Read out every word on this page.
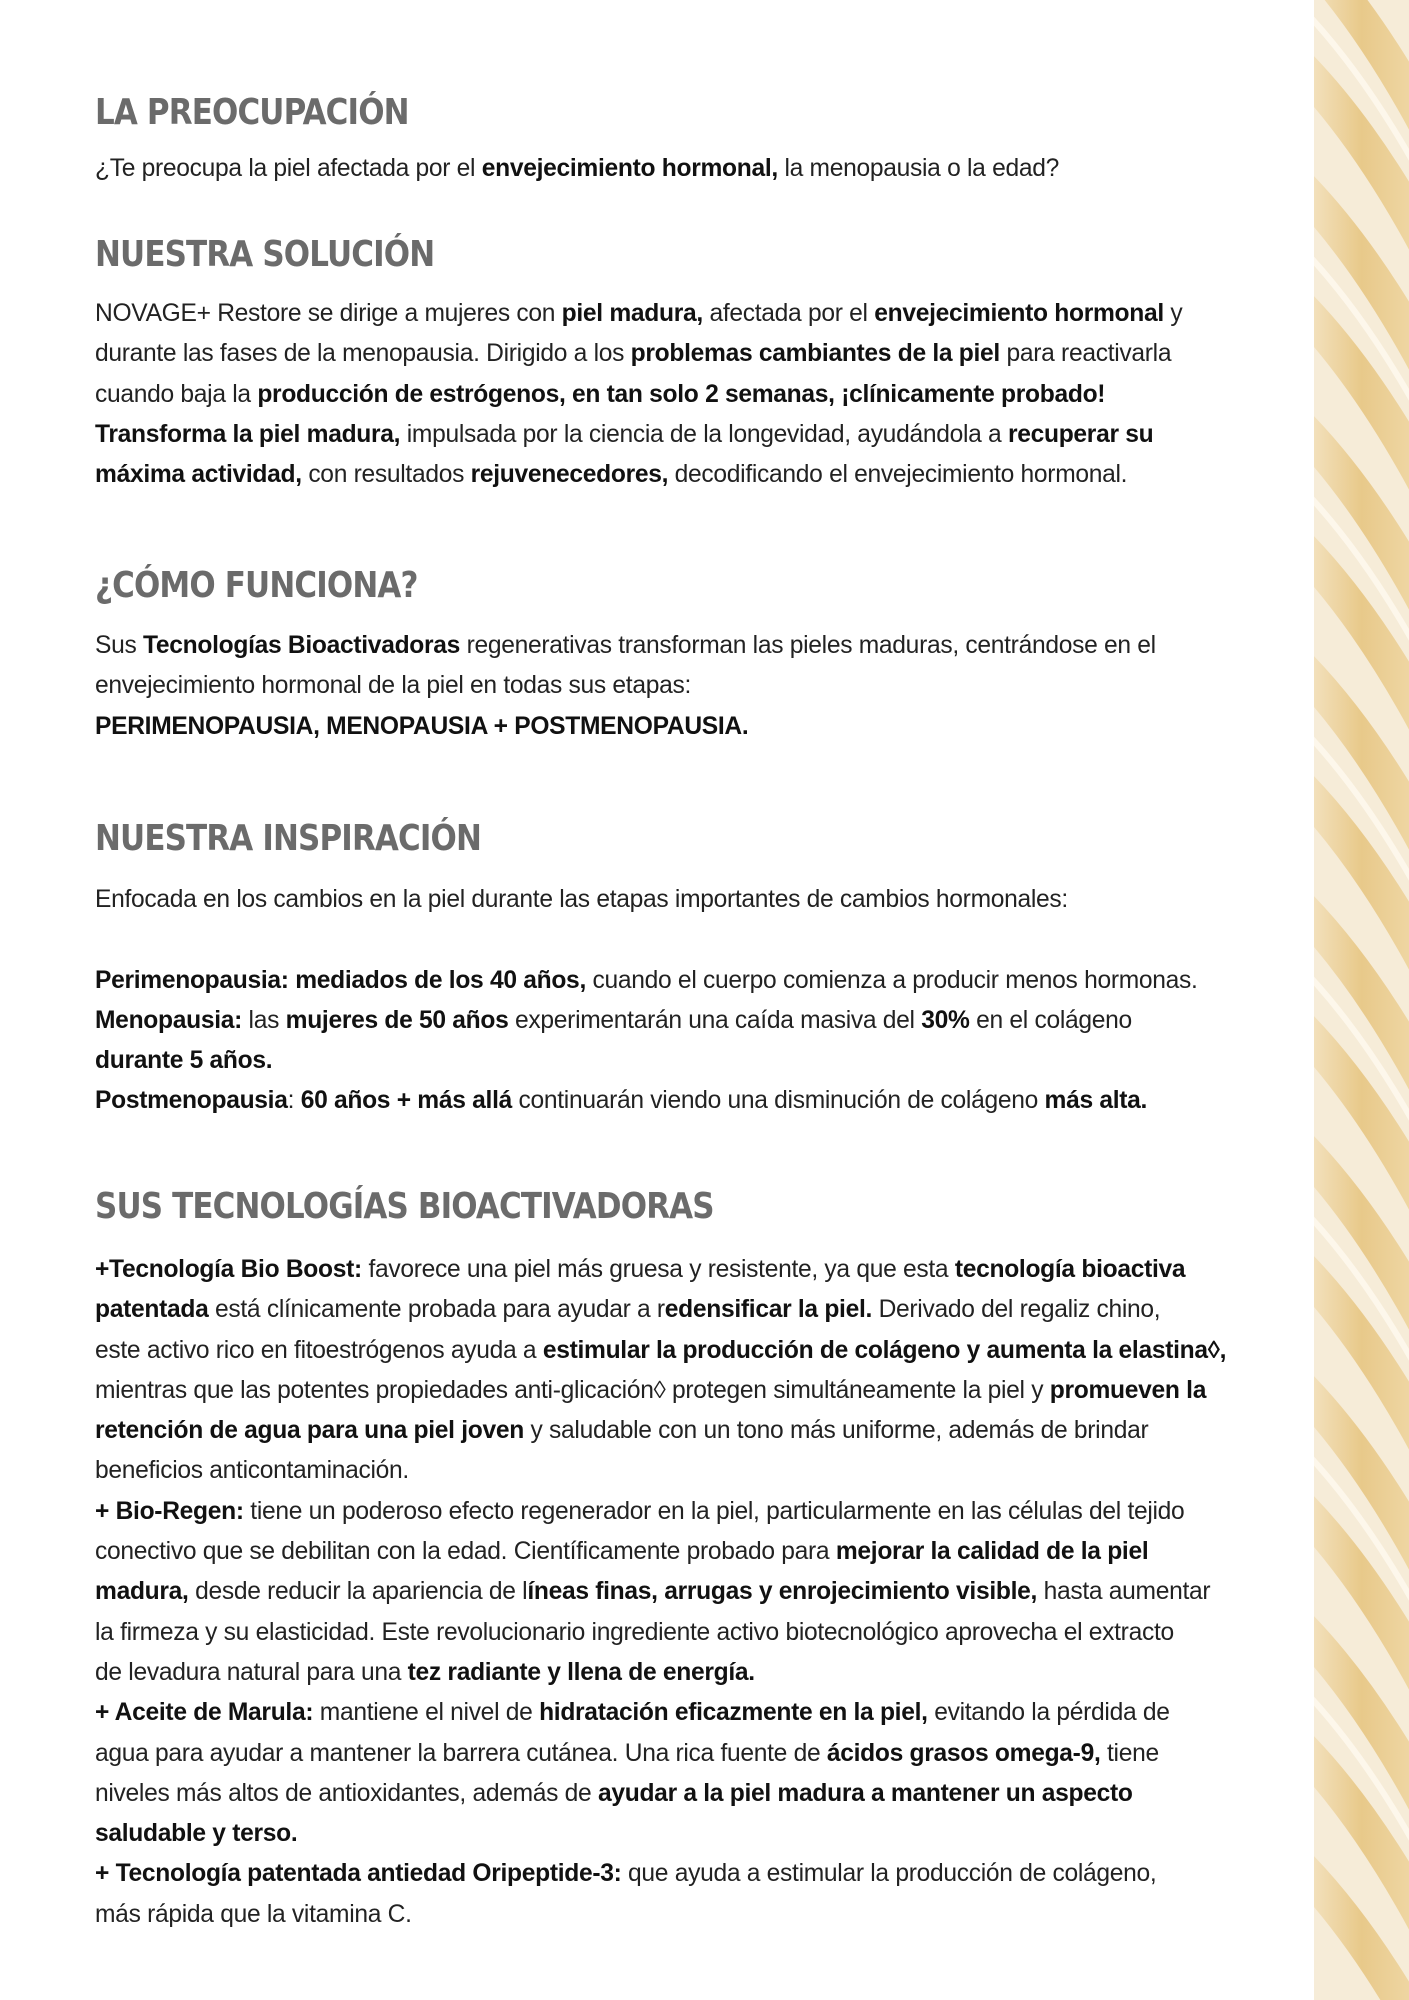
LA PREOCUPACIÓN
¿Te preocupa la piel afectada por el envejecimiento hormonal, la menopausia o la edad?
NUESTRA SOLUCIÓN
NOVAGE+ Restore se dirige a mujeres con piel madura, afectada por el envejecimiento hormonal y
durante las fases de la menopausia. Dirigido a los problemas cambiantes de la piel para reactivarla
cuando baja la producción de estrógenos, en tan solo 2 semanas, ¡clínicamente probado!
Transforma la piel madura, impulsada por la ciencia de la longevidad, ayudándola a recuperar su
máxima actividad, con resultados rejuvenecedores, decodificando el envejecimiento hormonal.
¿CÓMO FUNCIONA?
Sus Tecnologías Bioactivadoras regenerativas transforman las pieles maduras, centrándose en el
envejecimiento hormonal de la piel en todas sus etapas:
PERIMENOPAUSIA, MENOPAUSIA + POSTMENOPAUSIA.
NUESTRA INSPIRACIÓN
Enfocada en los cambios en la piel durante las etapas importantes de cambios hormonales:

Perimenopausia: mediados de los 40 años, cuando el cuerpo comienza a producir menos hormonas.
Menopausia: las mujeres de 50 años experimentarán una caída masiva del 30% en el colágeno
durante 5 años.
Postmenopausia: 60 años + más allá continuarán viendo una disminución de colágeno más alta.
SUS TECNOLOGÍAS BIOACTIVADORAS
+Tecnología Bio Boost: favorece una piel más gruesa y resistente, ya que esta tecnología bioactiva
patentada está clínicamente probada para ayudar a redensificar la piel. Derivado del regaliz chino,
este activo rico en fitoestrógenos ayuda a estimular la producción de colágeno y aumenta la elastina◊,
mientras que las potentes propiedades anti-glicación◊ protegen simultáneamente la piel y promueven la
retención de agua para una piel joven y saludable con un tono más uniforme, además de brindar
beneficios anticontaminación.
+ Bio-Regen: tiene un poderoso efecto regenerador en la piel, particularmente en las células del tejido
conectivo que se debilitan con la edad. Científicamente probado para mejorar la calidad de la piel
madura, desde reducir la apariencia de líneas finas, arrugas y enrojecimiento visible, hasta aumentar
la firmeza y su elasticidad. Este revolucionario ingrediente activo biotecnológico aprovecha el extracto
de levadura natural para una tez radiante y llena de energía.
+ Aceite de Marula: mantiene el nivel de hidratación eficazmente en la piel, evitando la pérdida de
agua para ayudar a mantener la barrera cutánea. Una rica fuente de ácidos grasos omega-9, tiene
niveles más altos de antioxidantes, además de ayudar a la piel madura a mantener un aspecto
saludable y terso.
+ Tecnología patentada antiedad Oripeptide-3: que ayuda a estimular la producción de colágeno,
más rápida que la vitamina C.
